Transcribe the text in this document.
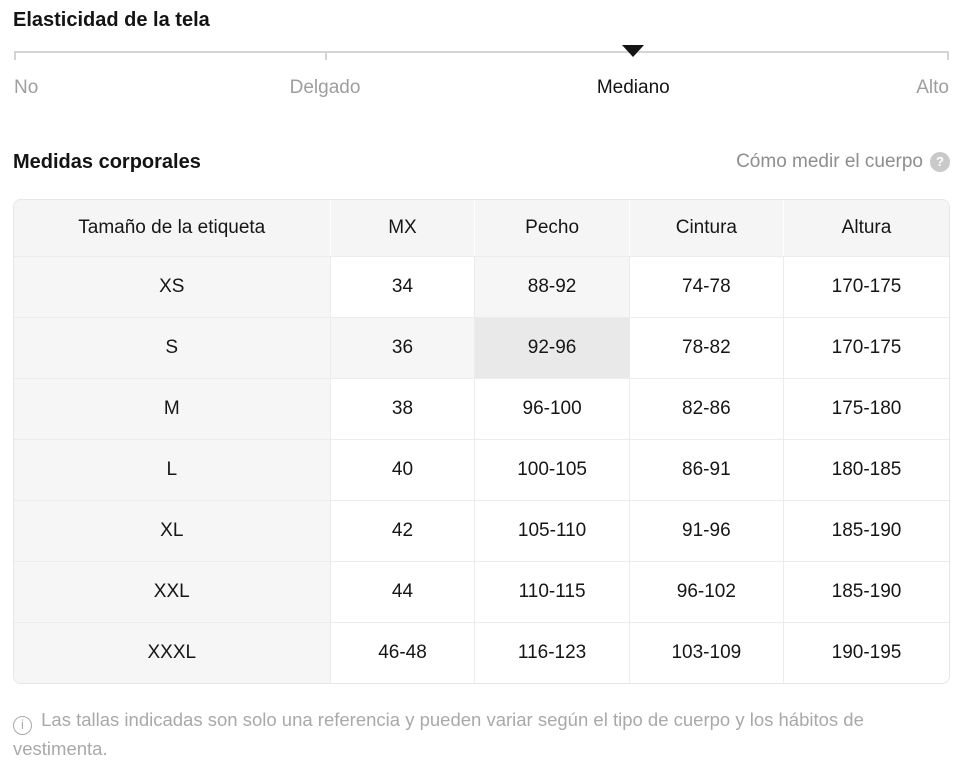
Elasticidad de la tela
No	Delgado	Mediano	Alto
Medidas corporales	Cómo medir el cuerpo	?
Tamaño de la etiqueta	MX	Pecho	Cintura	Altura
XS	34	88-92	74-78	170-175
S	36	92-96	78-82	170-175
M	38	96-100	82-86	175-180
L	40	100-105	86-91	180-185
XL	42	105-110	91-96	185-190
XXL	44	110-115	96-102	185-190
XXXL	46-48	116-123	103-109	190-195

i Las tallas indicadas son solo una referencia y pueden variar según el tipo de cuerpo y los hábitos de vestimenta.
